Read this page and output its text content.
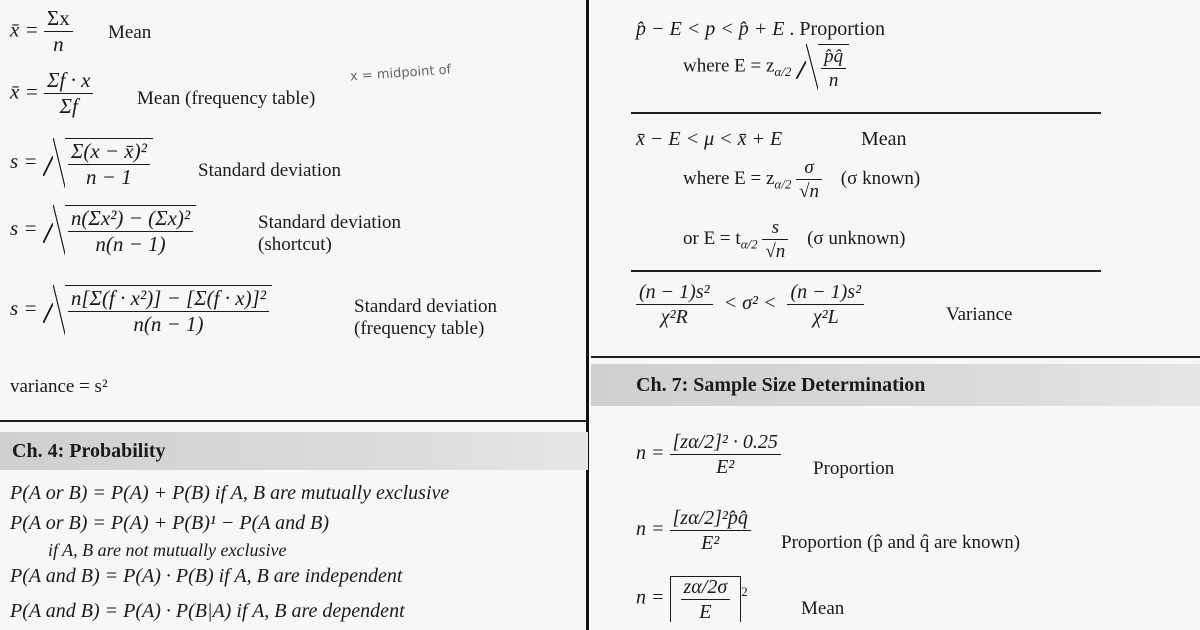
x̄ = $\frac{\Sigma x}{n}$ Mean
x̄ = $\frac{\Sigma f \cdot x}{\Sigma f}$ Mean (frequency table)
x = midpoint of
$s = \frac{\text{Σ(x − x̄)²}}{n - 1}$	Standard deviation
$s = \frac{\text{n(Σx²) − (Σx)²}}{n(n - 1)}$	Standard deviation
(shortcut)
$s = \frac{\text{n[Σ(f · x²)] − [Σ(f · x)]²}}{n(n - 1)}$	Standard deviation
(frequency table)
variance = s²
Ch. 4: Probability
P(A or B) = P(A) + P(B) if A, B are mutually exclusive
P(A or B) = P(A) + P(B)¹ − P(A and B)
if A, B are not mutually exclusive
P(A and B) = P(A) · P(B) if A, B are independent
P(A and B) = P(A) · P(B|A) if A, B are dependent
p̂ − E < p < p̂ + E . Proportion
where $E = z_{\alpha/2} \frac{p̂q̂}{n}$
x̄ − E < μ < x̄ + E	Mean
where $E = z_{\alpha/2} \frac{\sigma}{√n} (\sigma$ known)
or $E = t_{\alpha/2} \frac{s}{√n} (\sigma$ unknown)
$\frac{\text{(n − 1)s²}}{\text{χ²R}} < \sigma^2 < \frac{\text{(n − 1)s²}}{\text{χ²L}}$	Variance
Ch. 7: Sample Size Determination
$n = \frac{\text{[zα/2]² · 0.25}}{\text{E²}}$ Proportion
$n = \frac{\text{[zα/2]²p̂q̂}}{\text{E²}}$ Proportion (p̂ and q̂ are known)
$n = \frac{z\alpha/2\sigma}{E} ^2$
Mean
